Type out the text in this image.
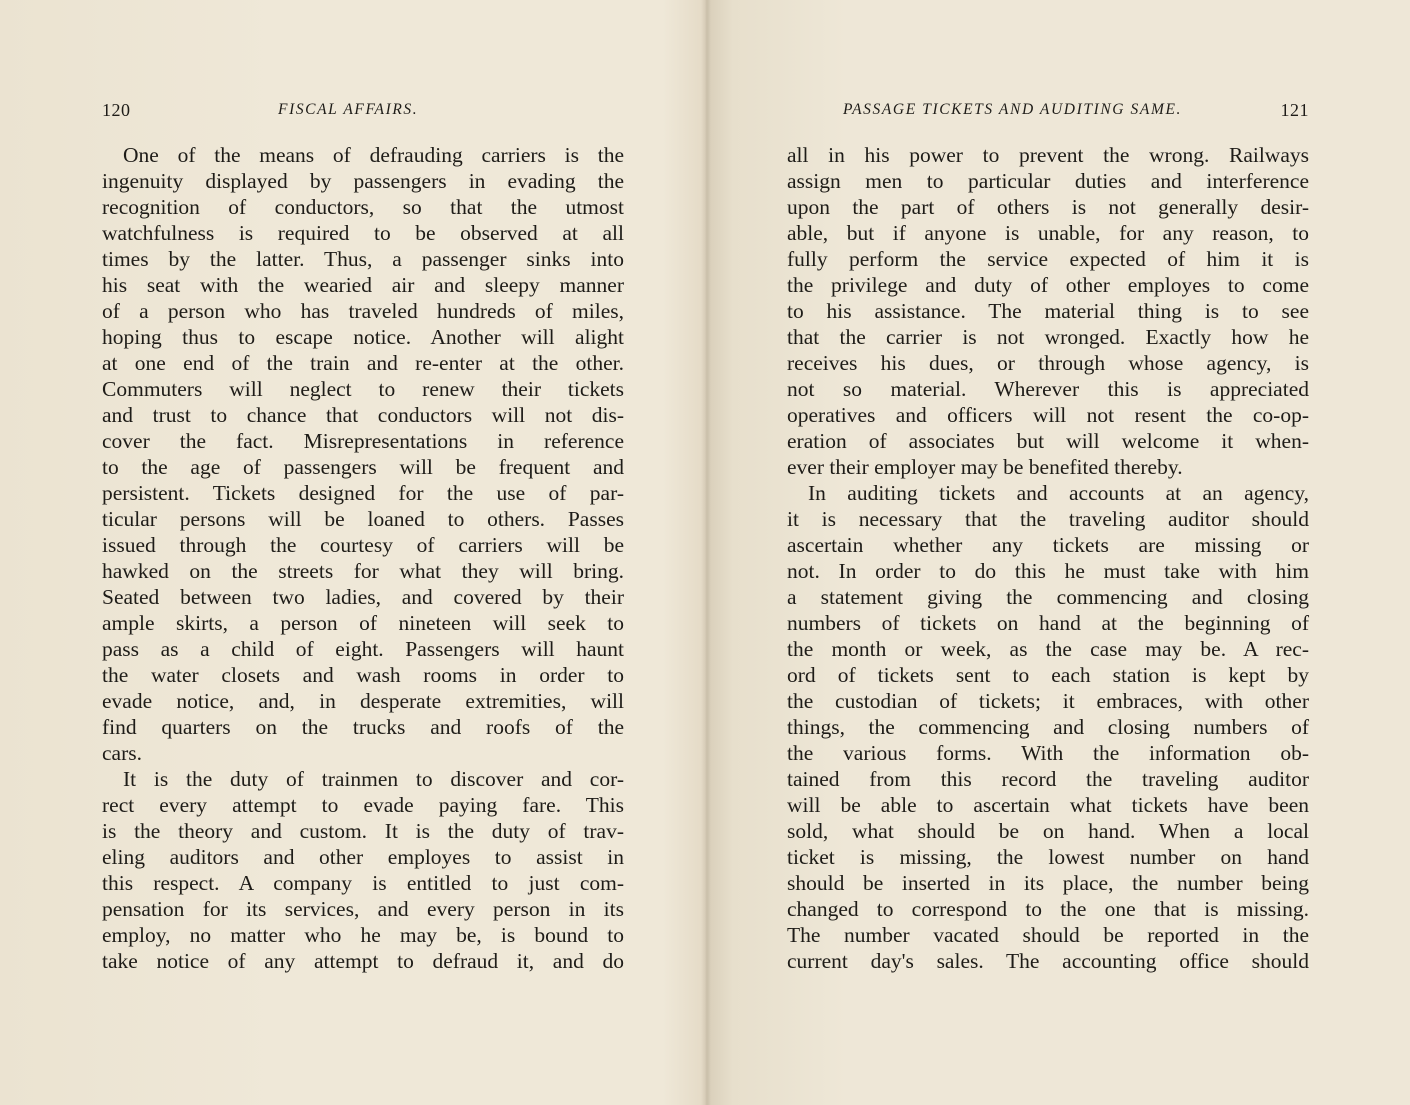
120	FISCAL AFFAIRS.
One of the means of defrauding carriers is the
ingenuity displayed by passengers in evading the
recognition of conductors, so that the utmost
watchfulness is required to be observed at all
times by the latter. Thus, a passenger sinks into
his seat with the wearied air and sleepy manner
of a person who has traveled hundreds of miles,
hoping thus to escape notice. Another will alight
at one end of the train and re-enter at the other.
Commuters will neglect to renew their tickets
and trust to chance that conductors will not dis-
cover the fact. Misrepresentations in reference
to the age of passengers will be frequent and
persistent. Tickets designed for the use of par-
ticular persons will be loaned to others. Passes
issued through the courtesy of carriers will be
hawked on the streets for what they will bring.
Seated between two ladies, and covered by their
ample skirts, a person of nineteen will seek to
pass as a child of eight. Passengers will haunt
the water closets and wash rooms in order to
evade notice, and, in desperate extremities, will
find quarters on the trucks and roofs of the
cars.
It is the duty of trainmen to discover and cor-
rect every attempt to evade paying fare. This
is the theory and custom. It is the duty of trav-
eling auditors and other employes to assist in
this respect. A company is entitled to just com-
pensation for its services, and every person in its
employ, no matter who he may be, is bound to
take notice of any attempt to defraud it, and do
PASSAGE TICKETS AND AUDITING SAME.	121
all in his power to prevent the wrong. Railways
assign men to particular duties and interference
upon the part of others is not generally desir-
able, but if anyone is unable, for any reason, to
fully perform the service expected of him it is
the privilege and duty of other employes to come
to his assistance. The material thing is to see
that the carrier is not wronged. Exactly how he
receives his dues, or through whose agency, is
not so material. Wherever this is appreciated
operatives and officers will not resent the co-op-
eration of associates but will welcome it when-
ever their employer may be benefited thereby.
In auditing tickets and accounts at an agency,
it is necessary that the traveling auditor should
ascertain whether any tickets are missing or
not. In order to do this he must take with him
a statement giving the commencing and closing
numbers of tickets on hand at the beginning of
the month or week, as the case may be. A rec-
ord of tickets sent to each station is kept by
the custodian of tickets; it embraces, with other
things, the commencing and closing numbers of
the various forms. With the information ob-
tained from this record the traveling auditor
will be able to ascertain what tickets have been
sold, what should be on hand. When a local
ticket is missing, the lowest number on hand
should be inserted in its place, the number being
changed to correspond to the one that is missing.
The number vacated should be reported in the
current day's sales. The accounting office should
